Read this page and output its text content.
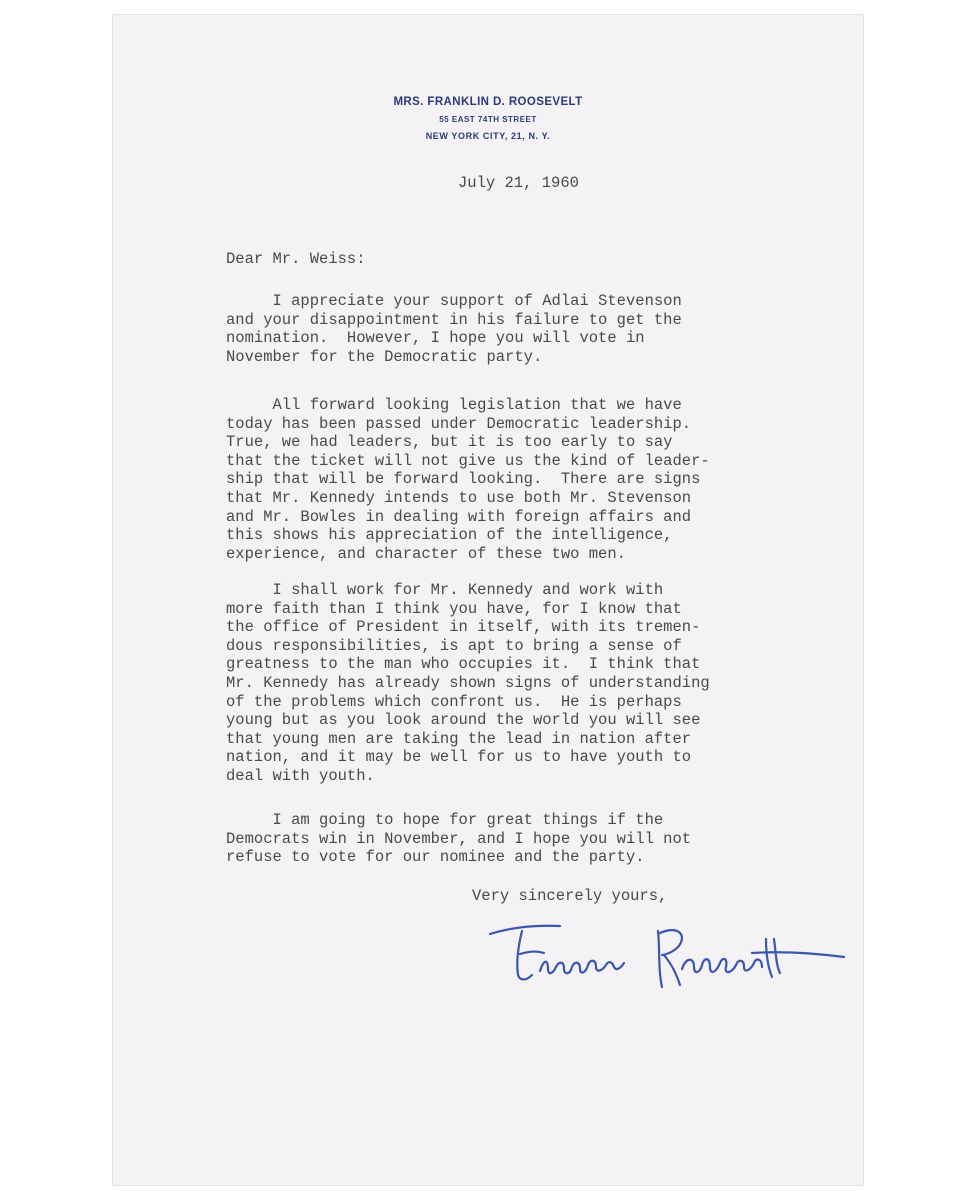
MRS. FRANKLIN D. ROOSEVELT
55 EAST 74TH STREET
NEW YORK CITY, 21, N. Y.

July 21, 1960

Dear Mr. Weiss:

I appreciate your support of Adlai Stevenson
and your disappointment in his failure to get the
nomination.  However, I hope you will vote in
November for the Democratic party.

All forward looking legislation that we have
today has been passed under Democratic leadership.
True, we had leaders, but it is too early to say
that the ticket will not give us the kind of leader-
ship that will be forward looking.  There are signs
that Mr. Kennedy intends to use both Mr. Stevenson
and Mr. Bowles in dealing with foreign affairs and
this shows his appreciation of the intelligence,
experience, and character of these two men.

I shall work for Mr. Kennedy and work with
more faith than I think you have, for I know that
the office of President in itself, with its tremen-
dous responsibilities, is apt to bring a sense of
greatness to the man who occupies it.  I think that
Mr. Kennedy has already shown signs of understanding
of the problems which confront us.  He is perhaps
young but as you look around the world you will see
that young men are taking the lead in nation after
nation, and it may be well for us to have youth to
deal with youth.

I am going to hope for great things if the
Democrats win in November, and I hope you will not
refuse to vote for our nominee and the party.

Very sincerely yours,
